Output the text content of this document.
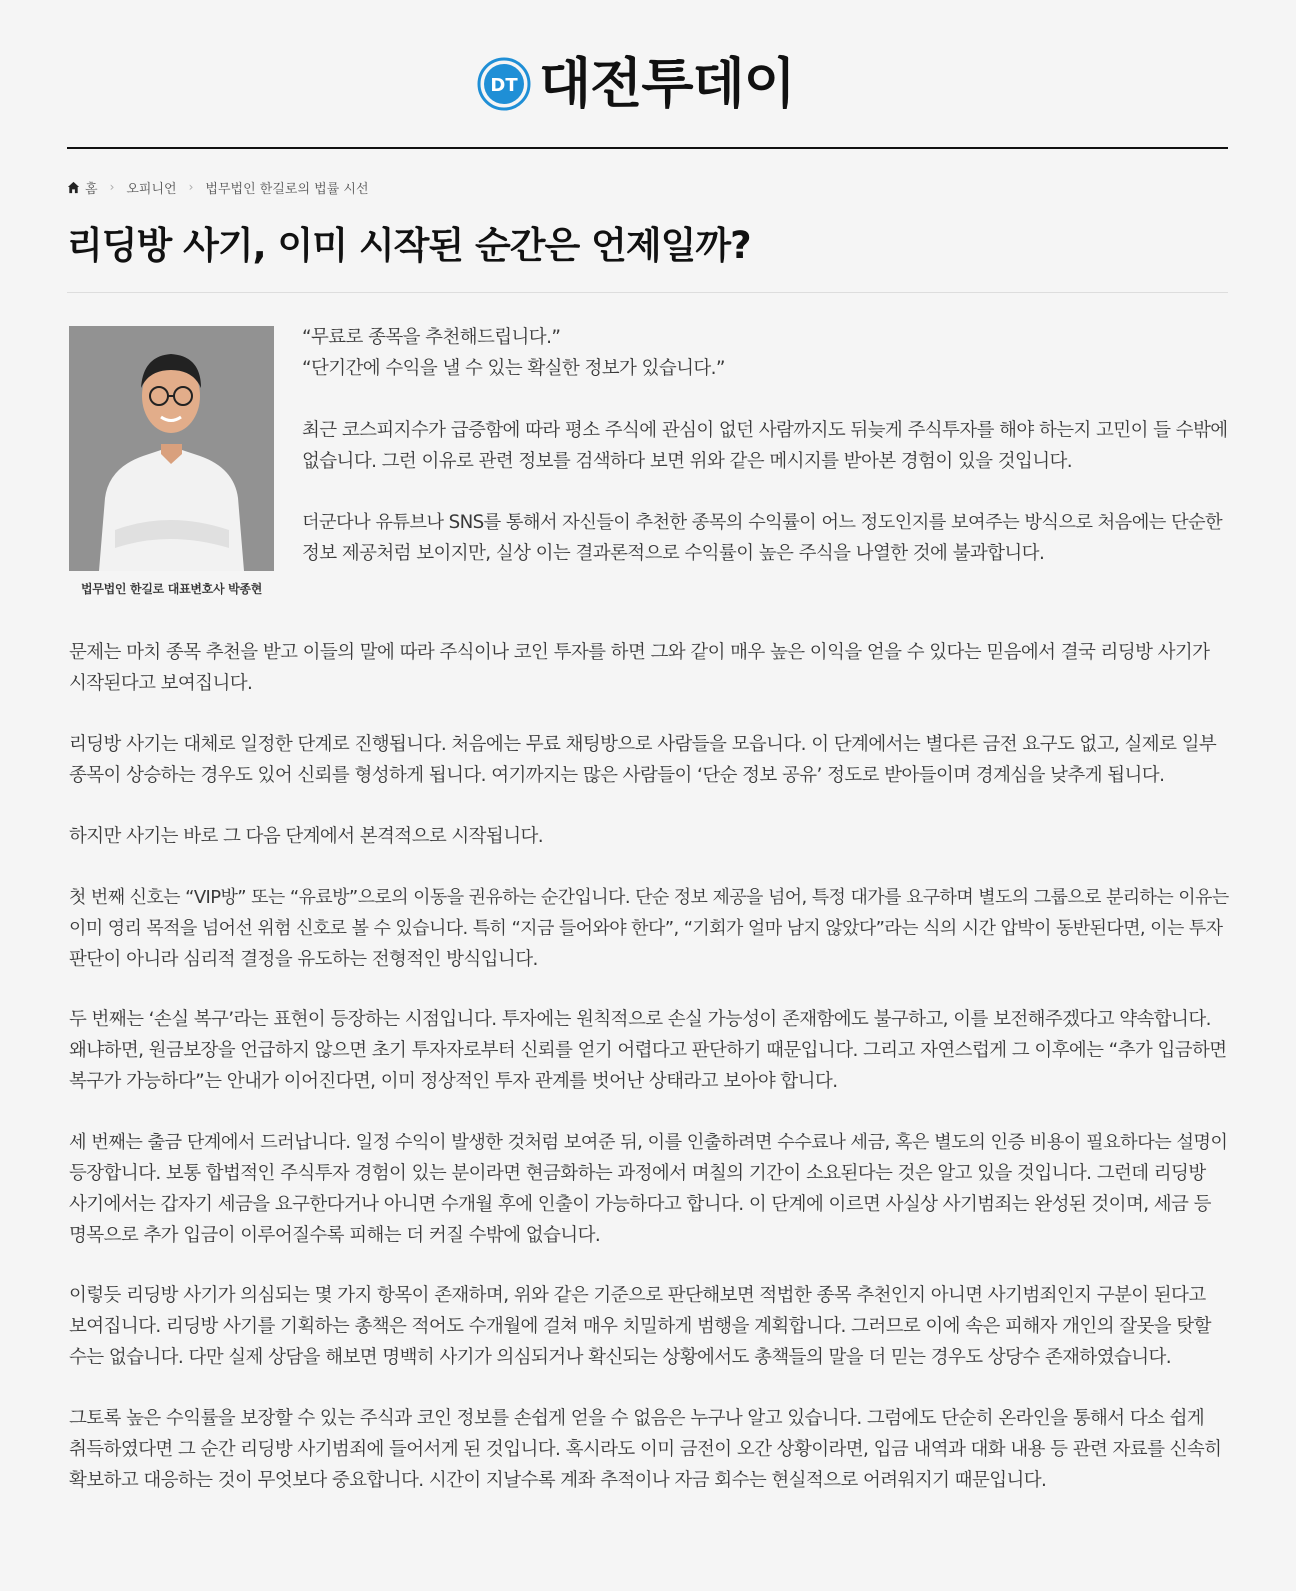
DT 대전투데이
홈 › 오피니언 › 법무법인 한길로의 법률 시선
리딩방 사기, 이미 시작된 순간은 언제일까?
법무법인 한길로 대표변호사 박종현

“무료로 종목을 추천해드립니다.”
“단기간에 수익을 낼 수 있는 확실한 정보가 있습니다.”

최근 코스피지수가 급증함에 따라 평소 주식에 관심이 없던 사람까지도 뒤늦게 주식투자를 해야 하는지 고민이 들 수밖에
없습니다. 그런 이유로 관련 정보를 검색하다 보면 위와 같은 메시지를 받아본 경험이 있을 것입니다.

더군다나 유튜브나 SNS를 통해서 자신들이 추천한 종목의 수익률이 어느 정도인지를 보여주는 방식으로 처음에는 단순한
정보 제공처럼 보이지만, 실상 이는 결과론적으로 수익률이 높은 주식을 나열한 것에 불과합니다.

문제는 마치 종목 추천을 받고 이들의 말에 따라 주식이나 코인 투자를 하면 그와 같이 매우 높은 이익을 얻을 수 있다는 믿음에서 결국 리딩방 사기가
시작된다고 보여집니다.

리딩방 사기는 대체로 일정한 단계로 진행됩니다. 처음에는 무료 채팅방으로 사람들을 모읍니다. 이 단계에서는 별다른 금전 요구도 없고, 실제로 일부
종목이 상승하는 경우도 있어 신뢰를 형성하게 됩니다. 여기까지는 많은 사람들이 ‘단순 정보 공유’ 정도로 받아들이며 경계심을 낮추게 됩니다.

하지만 사기는 바로 그 다음 단계에서 본격적으로 시작됩니다.

첫 번째 신호는 “VIP방” 또는 “유료방”으로의 이동을 권유하는 순간입니다. 단순 정보 제공을 넘어, 특정 대가를 요구하며 별도의 그룹으로 분리하는 이유는
이미 영리 목적을 넘어선 위험 신호로 볼 수 있습니다. 특히 “지금 들어와야 한다”, “기회가 얼마 남지 않았다”라는 식의 시간 압박이 동반된다면, 이는 투자
판단이 아니라 심리적 결정을 유도하는 전형적인 방식입니다.

두 번째는 ‘손실 복구’라는 표현이 등장하는 시점입니다. 투자에는 원칙적으로 손실 가능성이 존재함에도 불구하고, 이를 보전해주겠다고 약속합니다.
왜냐하면, 원금보장을 언급하지 않으면 초기 투자자로부터 신뢰를 얻기 어렵다고 판단하기 때문입니다. 그리고 자연스럽게 그 이후에는 “추가 입금하면
복구가 가능하다”는 안내가 이어진다면, 이미 정상적인 투자 관계를 벗어난 상태라고 보아야 합니다.

세 번째는 출금 단계에서 드러납니다. 일정 수익이 발생한 것처럼 보여준 뒤, 이를 인출하려면 수수료나 세금, 혹은 별도의 인증 비용이 필요하다는 설명이
등장합니다. 보통 합법적인 주식투자 경험이 있는 분이라면 현금화하는 과정에서 며칠의 기간이 소요된다는 것은 알고 있을 것입니다. 그런데 리딩방
사기에서는 갑자기 세금을 요구한다거나 아니면 수개월 후에 인출이 가능하다고 합니다. 이 단계에 이르면 사실상 사기범죄는 완성된 것이며, 세금 등
명목으로 추가 입금이 이루어질수록 피해는 더 커질 수밖에 없습니다.

이렇듯 리딩방 사기가 의심되는 몇 가지 항목이 존재하며, 위와 같은 기준으로 판단해보면 적법한 종목 추천인지 아니면 사기범죄인지 구분이 된다고
보여집니다. 리딩방 사기를 기획하는 총책은 적어도 수개월에 걸쳐 매우 치밀하게 범행을 계획합니다. 그러므로 이에 속은 피해자 개인의 잘못을 탓할
수는 없습니다. 다만 실제 상담을 해보면 명백히 사기가 의심되거나 확신되는 상황에서도 총책들의 말을 더 믿는 경우도 상당수 존재하였습니다.

그토록 높은 수익률을 보장할 수 있는 주식과 코인 정보를 손쉽게 얻을 수 없음은 누구나 알고 있습니다. 그럼에도 단순히 온라인을 통해서 다소 쉽게
취득하였다면 그 순간 리딩방 사기범죄에 들어서게 된 것입니다. 혹시라도 이미 금전이 오간 상황이라면, 입금 내역과 대화 내용 등 관련 자료를 신속히
확보하고 대응하는 것이 무엇보다 중요합니다. 시간이 지날수록 계좌 추적이나 자금 회수는 현실적으로 어려워지기 때문입니다.
